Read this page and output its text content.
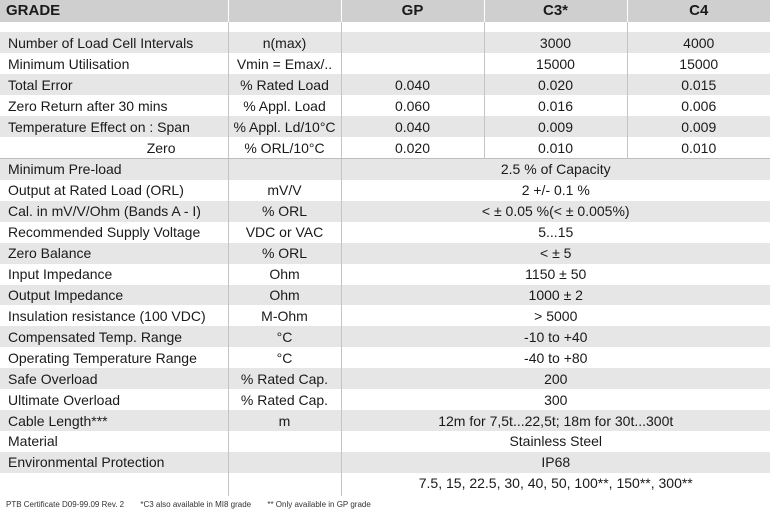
GRADE		GP	C3*	C4

Number of Load Cell Intervals	n(max)		3000	4000
Minimum Utilisation	Vmin = Emax/..		15000	15000
Total Error	% Rated Load	0.040	0.020	0.015
Zero Return after 30 mins	% Appl. Load	0.060	0.016	0.006
Temperature Effect on : Span	% Appl. Ld/10°C	0.040	0.009	0.009
Zero	% ORL/10°C	0.020	0.010	0.010
Minimum Pre-load		2.5 % of Capacity		
Output at Rated Load (ORL)	mV/V	2 +/- 0.1 %		
Cal. in mV/V/Ohm (Bands A - I)	% ORL	< ± 0.05 %(< ± 0.005%)		
Recommended Supply Voltage	VDC or VAC	5...15		
Zero Balance	% ORL	< ± 5		
Input Impedance	Ohm	1150 ± 50		
Output Impedance	Ohm	1000 ± 2		
Insulation resistance (100 VDC)	M-Ohm	> 5000		
Compensated Temp. Range	°C	-10 to +40		
Operating Temperature Range	°C	-40 to +80		
Safe Overload	% Rated Cap.	200		
Ultimate Overload	% Rated Cap.	300		
Cable Length***	m	12m for 7,5t...22,5t; 18m for 30t...300t		
Material		Stainless Steel		
Environmental Protection		IP68		
		7.5, 15, 22.5, 30, 40, 50, 100**, 150**, 300**		
PTB Certificate D09-99.09 Rev. 2 *C3 also available in MI8 grade ** Only available in GP grade
